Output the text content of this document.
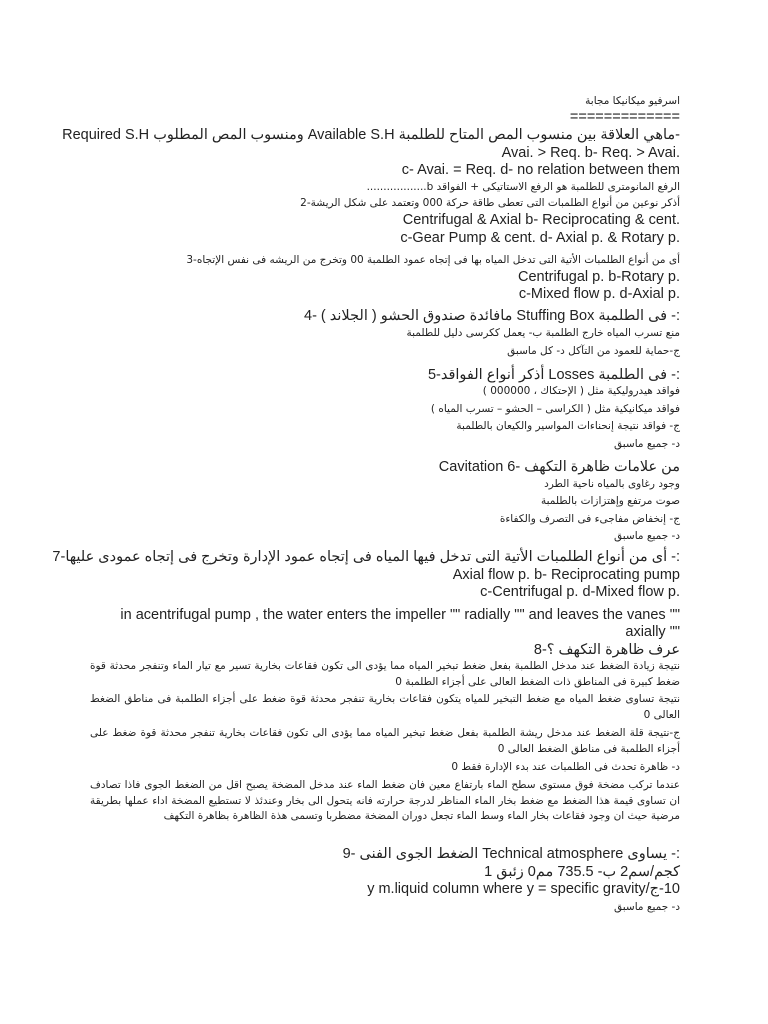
اسرفيو ميكانيكا مجابة
=============
Required S.H ومنسوب المص المطلوب Available S.H ماهي العلاقة بين منسوب المص المتاح للطلمبة-
Avai. > Req. b- Req. > Avai.
c- Avai. = Req. d- no relation between them
..................b الرفع المانومترى للطلمبة هو الرفع الاستاتيكى + الفواقد
أذكر نوعين من أنواع الطلمبات التى تعطى طاقة حركة 000 وتعتمد على شكل الريشة-2
Centrifugal & Axial b- Reciprocating & cent.
c-Gear Pump & cent. d- Axial p. & Rotary p.
أى من أنواع الطلمبات الأتية التى تدخل المياه بها فى إتجاه عمود الطلمبة 00 وتخرج من الريشه فى نفس الإتجاه-3
Centrifugal p. b-Rotary p.
c-Mixed flow p. d-Axial p.
:- فى الطلمبة Stuffing Box مافائدة صندوق الحشو ( الجلاند ) -4
منع تسرب المياه خارج الطلمبة ب- يعمل ككرسى دليل للطلمبة
ج-حماية للعمود من التآكل د- كل ماسبق
:- فى الطلمبة Losses أذكر أنواع الفواقد-5
فواقد هيدروليكية مثل ( الإحتكاك ، 000000 )
فواقد ميكانيكية مثل ( الكراسى – الحشو – تسرب المياه )
ج- فواقد نتيجة إنحناءات المواسير والكيعان بالطلمبة
د- جميع ماسبق
Cavitation من علامات ظاهرة التكهف -6
وجود رغاوى بالمياه ناحية الطرد
صوت مرتفع وإهتزازات بالطلمبة
ج- إنخفاض مفاجىء فى التصرف والكفاءة
د- جميع ماسبق
:- أى من أنواع الطلمبات الأتية التى تدخل فيها المياه فى إتجاه عمود الإدارة وتخرج فى إتجاه عمودى عليها-7
Axial flow p. b- Reciprocating pump
c-Centrifugal p. d-Mixed flow p.
in acentrifugal pump , the water enters the impeller "" radially "" and leaves the vanes "" axially ""
عرف ظاهرة التكهف ؟-8
نتيجة زيادة الضغط عند مدخل الطلمبة بفعل ضغط تبخير المياه مما يؤدى الى تكون فقاعات بخارية تسير مع تيار الماء وتنفجر محدثة قوة ضغط كبيرة فى المناطق ذات الضغط العالى على أجزاء الطلمبة 0
نتيجة تساوى ضغط المياه مع ضغط التبخير للمياه يتكون فقاعات بخارية تنفجر محدثة قوة ضغط على أجزاء الطلمبة فى مناطق الضغط العالى 0
ج-نتيجة قلة الضغط عند مدخل ريشة الطلمبة بفعل ضغط تبخير المياه مما يؤدى الى تكون فقاعات بخارية تنفجر محدثة قوة ضغط على أجزاء الطلمبة فى مناطق الضغط العالى 0
د- ظاهرة تحدث فى الطلمبات عند بدء الإدارة فقط 0
عندما تركب مضخة فوق مستوى سطح الماء بارتفاع معين فان ضغط الماء عند مدخل المضخة يصبح اقل من الضغط الجوى فاذا تصادف ان تساوى قيمة هذا الضغط مع ضغط بخار الماء المناظر لدرجة حرارته فانه يتحول الى بخار وعندئذ لا تستطيع المضخة اداء عملها بطريقة مرضية حيث ان وجود فقاعات بخار الماء وسط الماء تجعل دوران المضخة مضطربا وتسمى هذة الظاهرة بظاهرة التكهف
:- يساوى Technical atmosphere الضغط الجوى الفنى -9
كجم/سم2 ب- 735.5 مم0 زئبق 1
10-ج/y m.liquid column where y = specific gravity
د- جميع ماسبق
